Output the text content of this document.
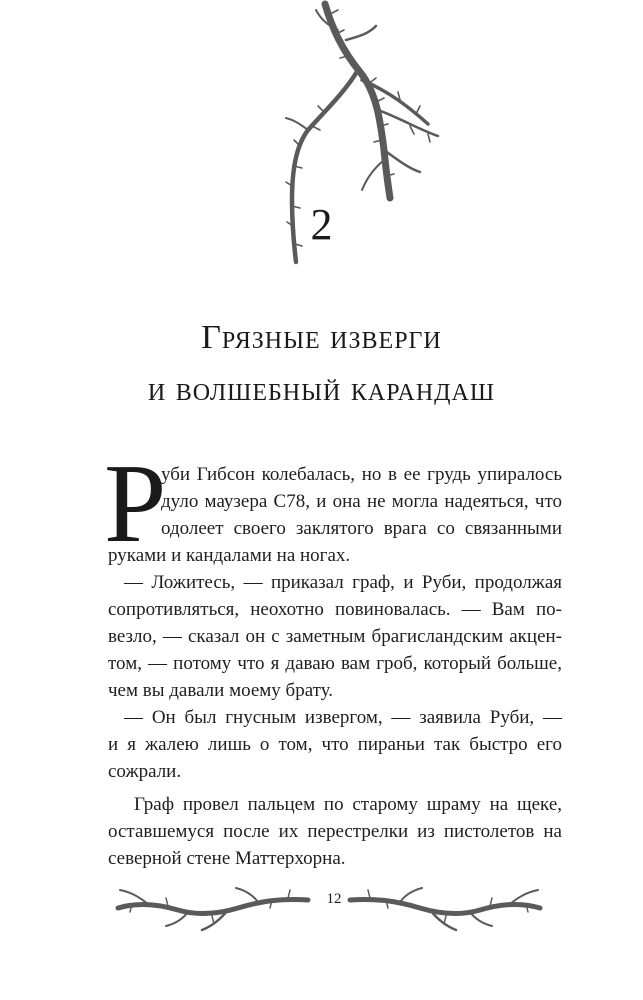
2
Грязные изверги
и волшебный карандаш
Р
уби Гибсон колебалась, но в ее грудь упиралось
дуло маузера С78, и она не могла надеяться, что
одолеет своего заклятого врага со связанными
руками и кандалами на ногах.
— Ложитесь, — приказал граф, и Руби, продолжая
сопротивляться, неохотно повиновалась. — Вам по-
везло, — сказал он с заметным брагисландским акцен-
том, — потому что я даваю вам гроб, который больше,
чем вы давали моему брату.
— Он был гнусным извергом, — заявила Руби, —
и я жалею лишь о том, что пираньи так быстро его
сожрали.
Граф провел пальцем по старому шраму на щеке,
оставшемуся после их перестрелки из пистолетов на
северной стене Маттерхорна.
12
